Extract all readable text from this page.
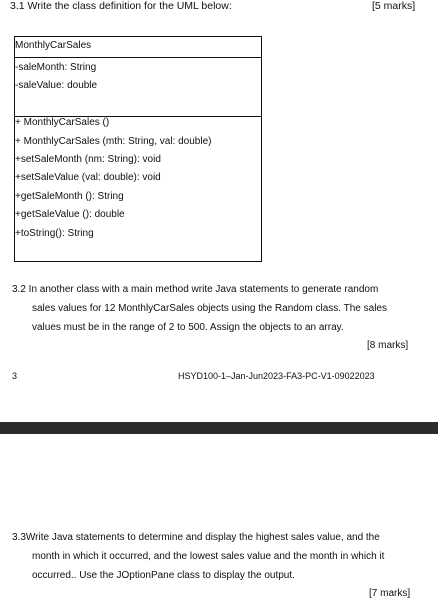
3.1 Write the class definition for the UML below:	[5 marks]
MonthlyCarSales
-saleMonth: String
-saleValue: double
+ MonthlyCarSales ()
+ MonthlyCarSales (mth: String, val: double)
+setSaleMonth (nm: String): void
+setSaleValue (val: double): void
+getSaleMonth (): String
+getSaleValue (): double
+toString(): String
3.2 In another class with a main method write Java statements to generate random
sales values for 12 MonthlyCarSales objects using the Random class. The sales
values must be in the range of 2 to 500. Assign the objects to an array.
[8 marks]
3	HSYD100-1–Jan-Jun2023-FA3-PC-V1-09022023
3.3Write Java statements to determine and display the highest sales value, and the
month in which it occurred, and the lowest sales value and the month in which it
occurred.. Use the JOptionPane class to display the output.
[7 marks]
